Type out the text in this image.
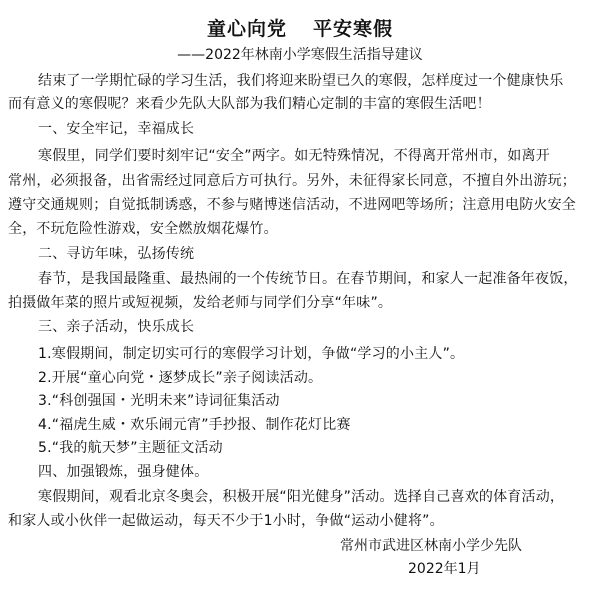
童心向党 平安寒假
——2022年林南小学寒假生活指导建议
结束了一学期忙碌的学习生活，我们将迎来盼望已久的寒假，怎样度过一个健康快乐
而有意义的寒假呢？来看少先队大队部为我们精心定制的丰富的寒假生活吧！
一、安全牢记，幸福成长
寒假里，同学们要时刻牢记“安全”两字。如无特殊情况，不得离开常州市，如离开
常州，必须报备，出省需经过同意后方可执行。另外，未征得家长同意，不擅自外出游玩；
遵守交通规则；自觉抵制诱惑，不参与赌博迷信活动，不进网吧等场所；注意用电防火安全
全，不玩危险性游戏，安全燃放烟花爆竹。
二、寻访年味，弘扬传统
春节，是我国最隆重、最热闹的一个传统节日。在春节期间，和家人一起准备年夜饭，
拍摄做年菜的照片或短视频，发给老师与同学们分享“年味”。
三、亲子活动，快乐成长
1.寒假期间，制定切实可行的寒假学习计划，争做“学习的小主人”。
2.开展“童心向党・逐梦成长”亲子阅读活动。
3.“科创强国・光明未来”诗词征集活动
4.“福虎生威・欢乐闹元宵”手抄报、制作花灯比赛
5.“我的航天梦”主题征文活动
四、加强锻炼，强身健体。
寒假期间，观看北京冬奥会，积极开展“阳光健身”活动。选择自己喜欢的体育活动，
和家人或小伙伴一起做运动，每天不少于1小时，争做“运动小健将”。
常州市武进区林南小学少先队
2022年1月
